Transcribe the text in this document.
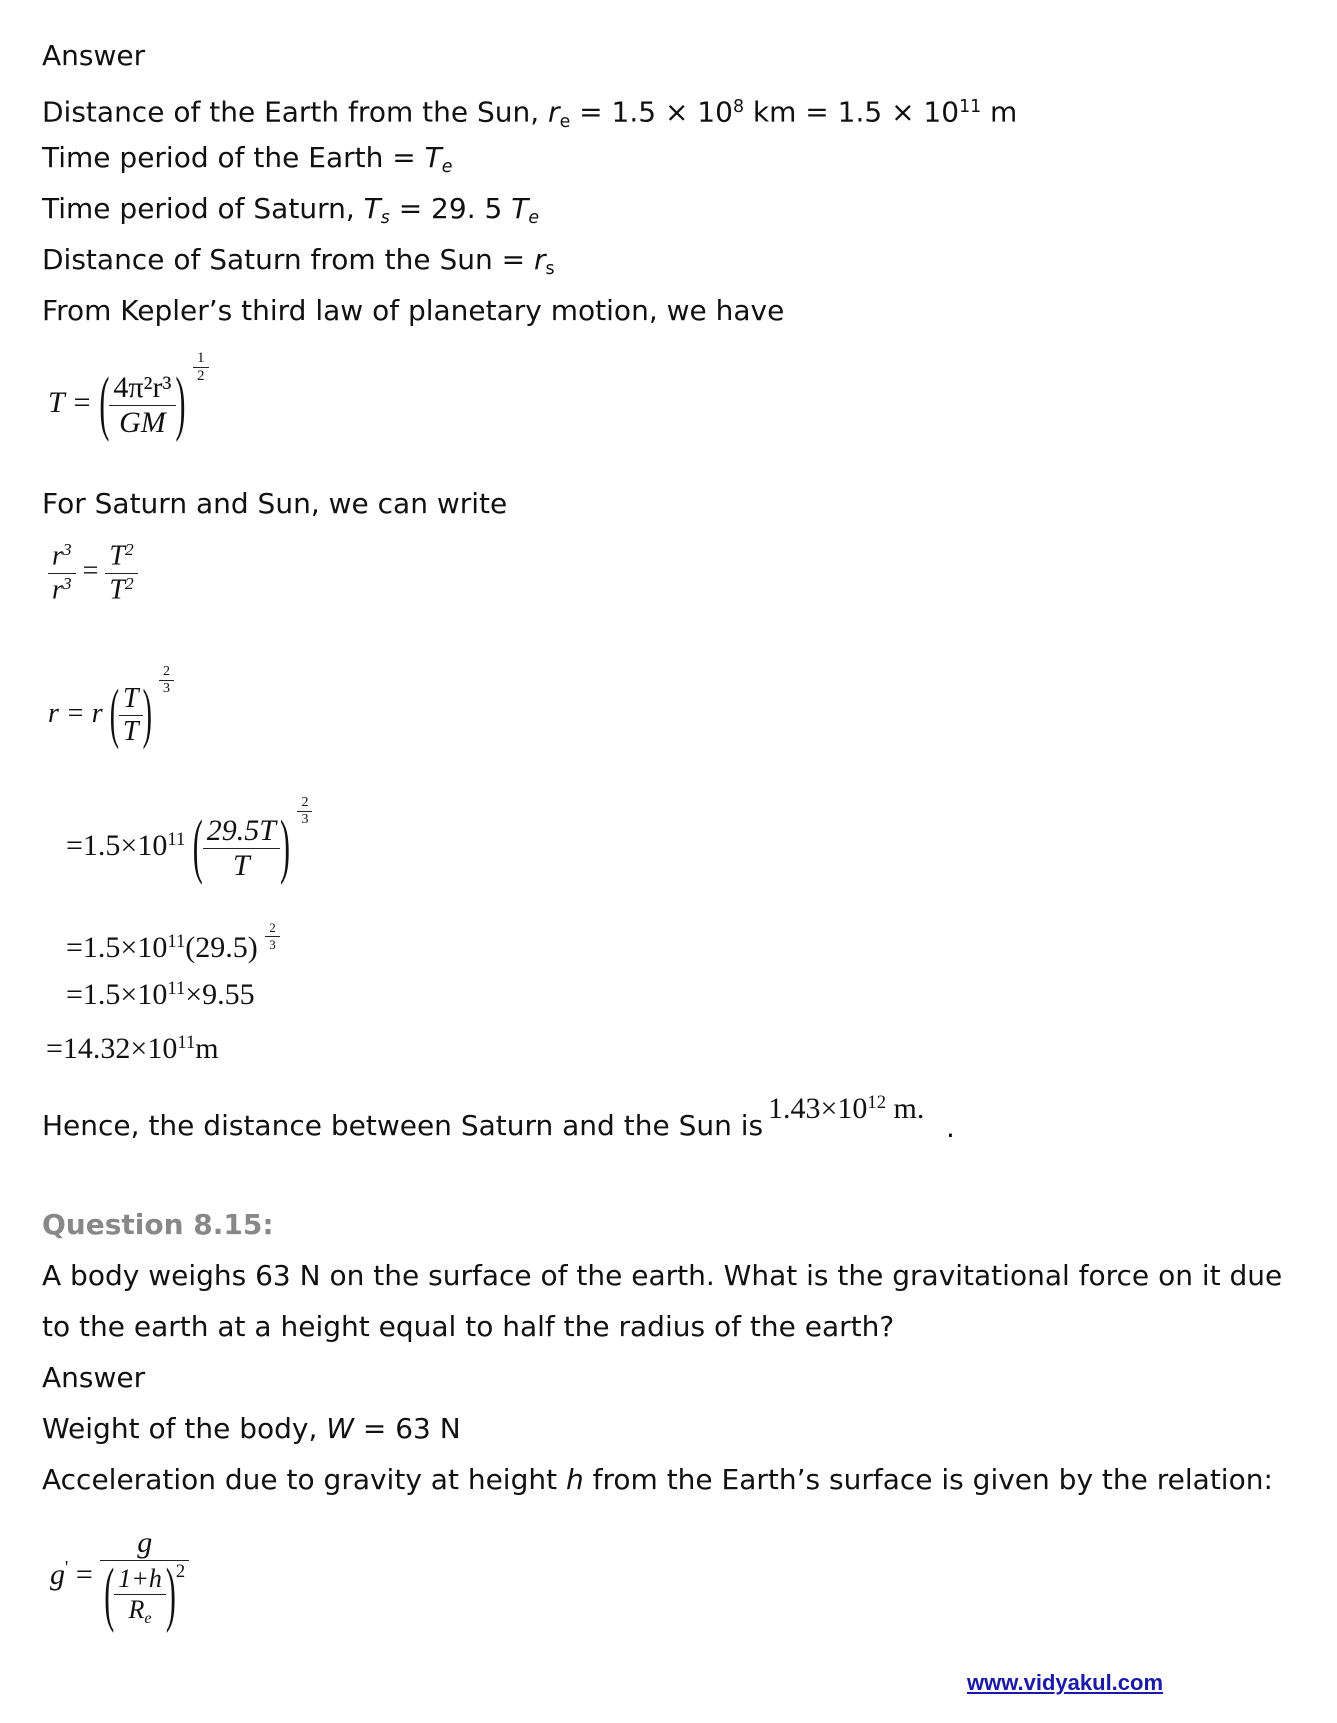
Answer
Distance of the Earth from the Sun, $r_e = 1.5 \times 10^8$ km = $1.5 \times 10^{11}$ m
Time period of the Earth = $T_e$
Time period of Saturn, $T_s = 29$. 5 $T_e$
Distance of Saturn from the Sun = $r_s$
From Kepler’s third law of planetary motion, we have
T = ( $\frac{\text{4π²r³}}{GM}$ ) $\frac{1}{2}$
For Saturn and Sun, we can write
$\frac{r^3}{r^3} = \frac{T^2}{T^2}$
r = r ( $\frac{T}{T}$ ) $\frac{2}{3}$
$=1.5\times 10^{11}$ ( $\frac{29.5T}{T}$ ) $\frac{2}{3}$
$=1.5\times 10^{11}(29.5) \frac{2}{3}$
$=1.5\times 10^{11}\times 9.55$
$=14.32\times 10^{11}m$
Hence, the distance between Saturn and the Sun is
$1.43\times 10^{12}$ m.
.
Question 8.15:
A body weighs 63 N on the surface of the earth. What is the gravitational force on it due
to the earth at a height equal to half the radius of the earth?
Answer
Weight of the body, W = 63 N
Acceleration due to gravity at height h from the Earth’s surface is given by the relation:
$g' = \frac{g}{( \frac{1+h}{R_e} )^2}$
www.vidyakul.com
